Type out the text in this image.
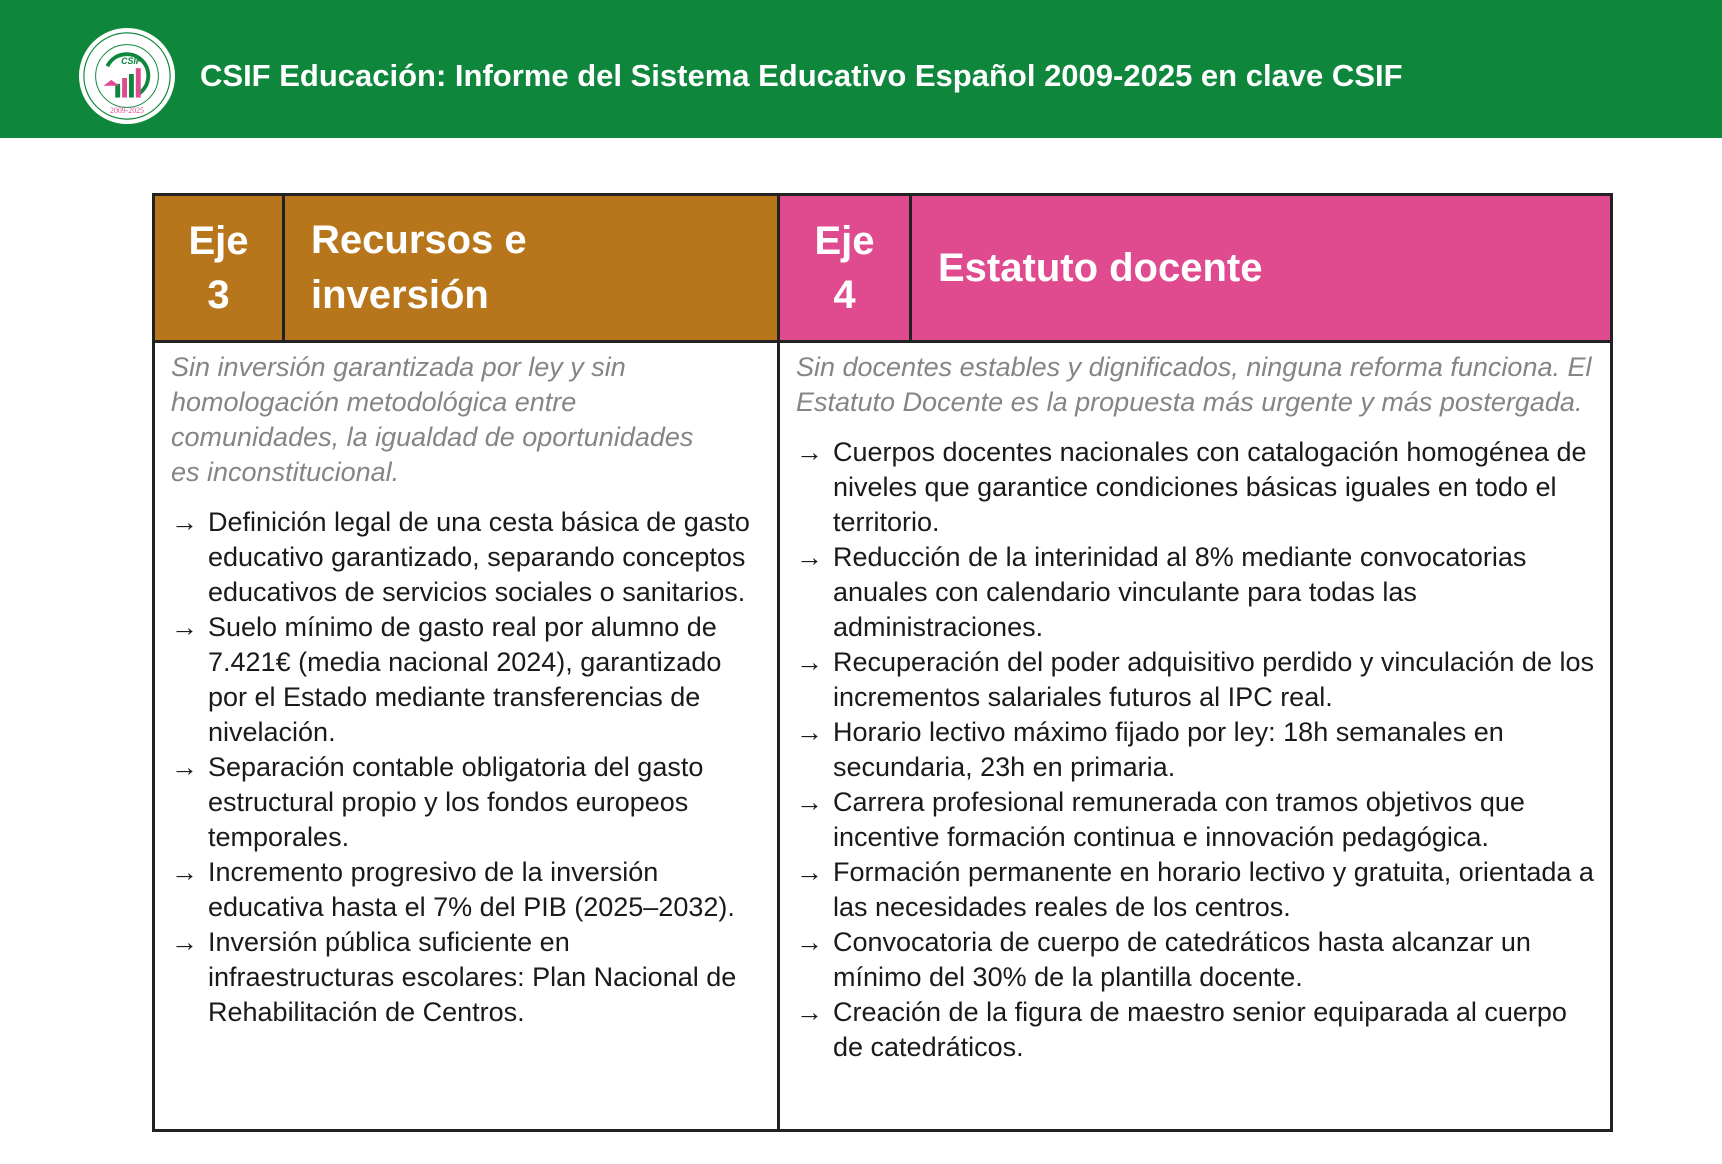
CSIF
2009-2025
CSIF Educación: Informe del Sistema Educativo Español 2009-2025 en clave CSIF
Eje
3
Recursos e inversión

Sin inversión garantizada por ley y sin homologación metodológica entre comunidades, la igualdad de oportunidades es inconstitucional.

→ Definición legal de una cesta básica de gasto educativo garantizado, separando conceptos educativos de servicios sociales o sanitarios.
→ Suelo mínimo de gasto real por alumno de 7.421€ (media nacional 2024), garantizado por el Estado mediante transferencias de nivelación.
→ Separación contable obligatoria del gasto estructural propio y los fondos europeos temporales.
→ Incremento progresivo de la inversión educativa hasta el 7% del PIB (2025–2032).
→ Inversión pública suficiente en infraestructuras escolares: Plan Nacional de Rehabilitación de Centros.
Eje
4
Estatuto docente

Sin docentes estables y dignificados, ninguna reforma funciona. El Estatuto Docente es la propuesta más urgente y más postergada.

→ Cuerpos docentes nacionales con catalogación homogénea de niveles que garantice condiciones básicas iguales en todo el territorio.
→ Reducción de la interinidad al 8% mediante convocatorias anuales con calendario vinculante para todas las administraciones.
→ Recuperación del poder adquisitivo perdido y vinculación de los incrementos salariales futuros al IPC real.
→ Horario lectivo máximo fijado por ley: 18h semanales en secundaria, 23h en primaria.
→ Carrera profesional remunerada con tramos objetivos que incentive formación continua e innovación pedagógica.
→ Formación permanente en horario lectivo y gratuita, orientada a las necesidades reales de los centros.
→ Convocatoria de cuerpo de catedráticos hasta alcanzar un mínimo del 30% de la plantilla docente.
→ Creación de la figura de maestro senior equiparada al cuerpo de catedráticos.
